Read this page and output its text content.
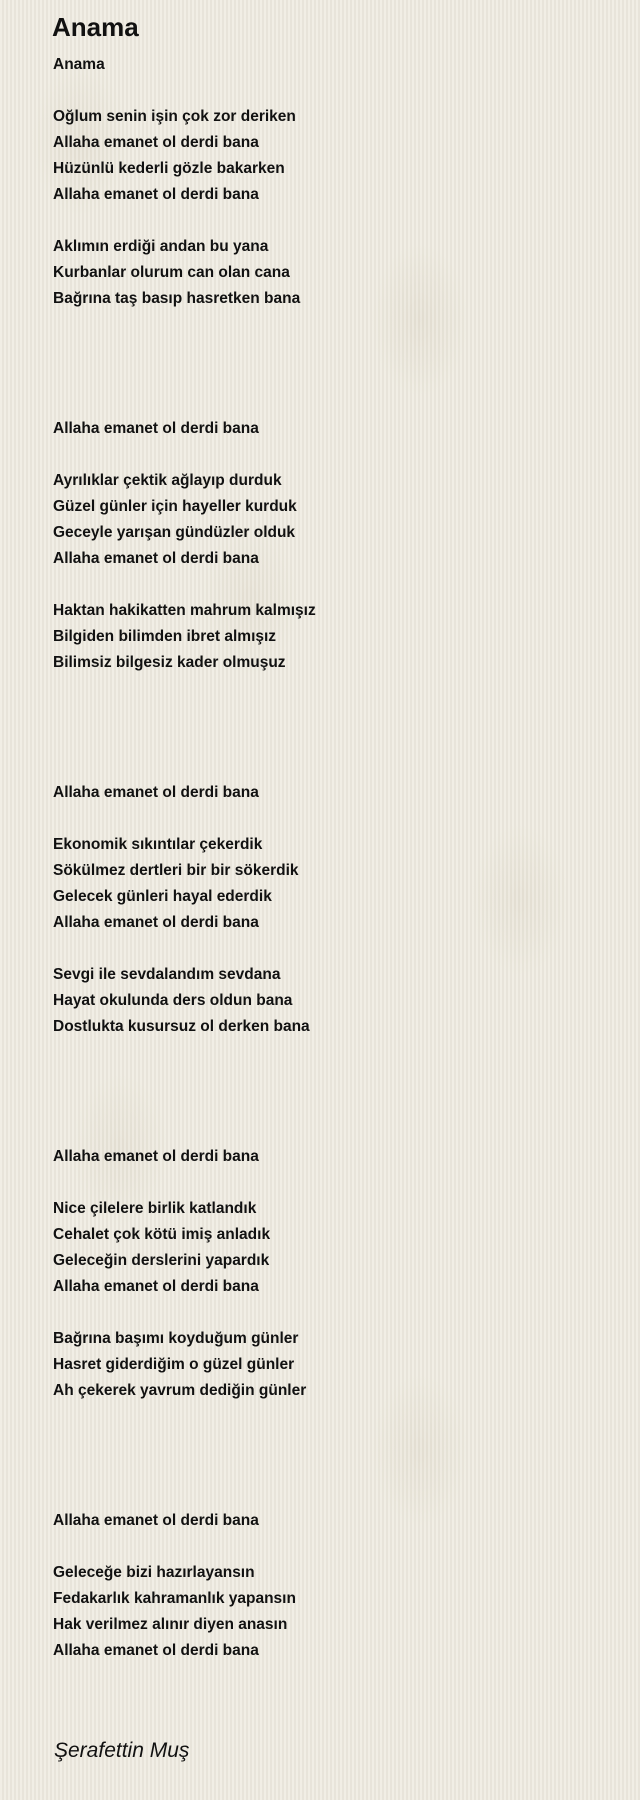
Anama
Anama
Oğlum senin işin çok zor deriken
Allaha emanet ol derdi bana
Hüzünlü kederli gözle bakarken
Allaha emanet ol derdi bana
Aklımın erdiği andan bu yana
Kurbanlar olurum can olan cana
Bağrına taş basıp hasretken bana
Allaha emanet ol derdi bana
Ayrılıklar çektik ağlayıp durduk
Güzel günler için hayeller kurduk
Geceyle yarışan gündüzler olduk
Allaha emanet ol derdi bana
Haktan hakikatten mahrum kalmışız
Bilgiden bilimden ibret almışız
Bilimsiz bilgesiz kader olmuşuz
Allaha emanet ol derdi bana
Ekonomik sıkıntılar çekerdik
Sökülmez dertleri bir bir sökerdik
Gelecek günleri hayal ederdik
Allaha emanet ol derdi bana
Sevgi ile sevdalandım sevdana
Hayat okulunda ders oldun bana
Dostlukta kusursuz ol derken bana
Allaha emanet ol derdi bana
Nice çilelere birlik katlandık
Cehalet çok kötü imiş anladık
Geleceğin derslerini yapardık
Allaha emanet ol derdi bana
Bağrına başımı koyduğum günler
Hasret giderdiğim o güzel günler
Ah çekerek yavrum dediğin günler
Allaha emanet ol derdi bana
Geleceğe bizi hazırlayansın
Fedakarlık kahramanlık yapansın
Hak verilmez alınır diyen anasın
Allaha emanet ol derdi bana
Şerafettin Muş
